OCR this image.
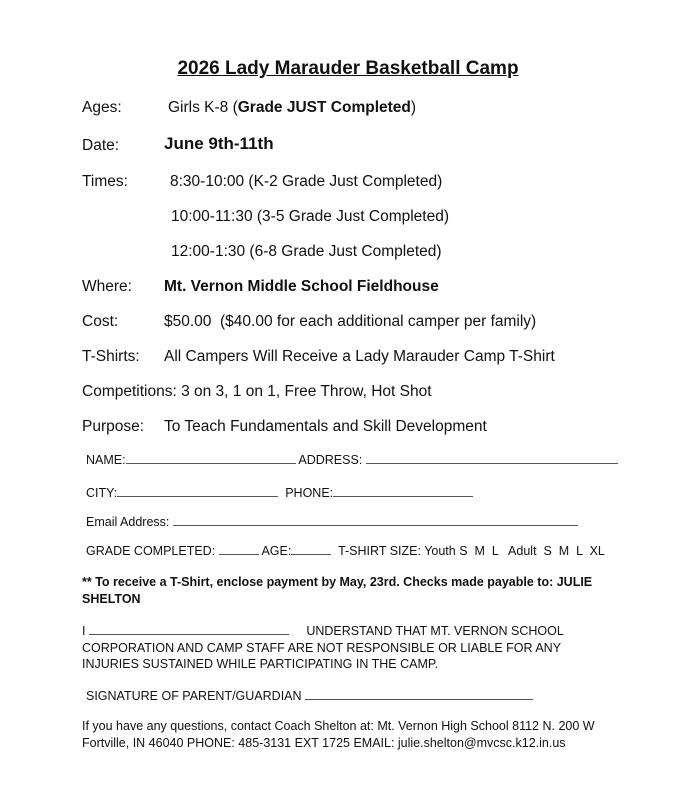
2026 Lady Marauder Basketball Camp
Ages:	Girls K-8 (Grade JUST Completed)
Date:	June 9th-11th
Times:	8:30-10:00 (K-2 Grade Just Completed)
10:00-11:30 (3-5 Grade Just Completed)
12:00-1:30 (6-8 Grade Just Completed)
Where: Mt. Vernon Middle School Fieldhouse
Cost:	$50.00  ($40.00 for each additional camper per family)
T-Shirts: All Campers Will Receive a Lady Marauder Camp T-Shirt
Competitions: 3 on 3, 1 on 1, Free Throw, Hot Shot
Purpose: To Teach Fundamentals and Skill Development
NAME:	ADDRESS:
CITY:	PHONE:
Email Address:
GRADE COMPLETED:	AGE:	T-SHIRT SIZE: Youth S  M  L   Adult  S  M  L  XL
** To receive a T-Shirt, enclose payment by May, 23rd. Checks made payable to: JULIE SHELTON
I	UNDERSTAND THAT MT. VERNON SCHOOL CORPORATION AND CAMP STAFF ARE NOT RESPONSIBLE OR LIABLE FOR ANY INJURIES SUSTAINED WHILE PARTICIPATING IN THE CAMP.
SIGNATURE OF PARENT/GUARDIAN
If you have any questions, contact Coach Shelton at: Mt. Vernon High School 8112 N. 200 W Fortville, IN 46040 PHONE: 485-3131 EXT 1725 EMAIL: julie.shelton@mvcsc.k12.in.us
